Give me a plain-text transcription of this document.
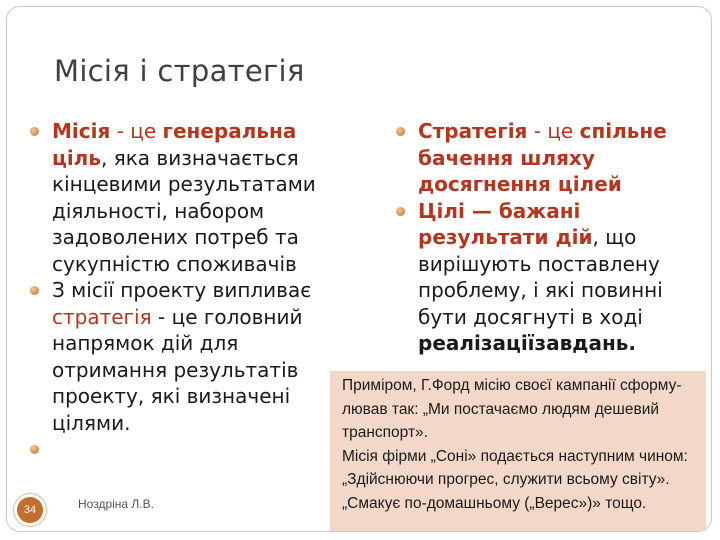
Місія і стратегія
Місія - це генеральна ціль, яка визначається кінцевими результатами діяльності, набором задоволених потреб та сукупністю споживачів
З місії проекту випливає стратегія - це головний напрямок дій для отримання результатів проекту, які визначені цілями.
Стратегія - це спільне бачення шляху досягнення цілей
Цілі — бажані результати дій, що вирішують поставлену проблему, і які повинні бути досягнуті в ході реалізаціїзавдань.

Приміром, Г.Форд місію своєї кампанії сформу-лював так: „Ми постачаємо людям дешевий транспорт».

Місія фірми „Соні» подається наступним чином: „Здійснюючи прогрес, служити всьому світу». „Смакує по-домашньому („Верес»)» тощо.

34	Ноздріна Л.В.
